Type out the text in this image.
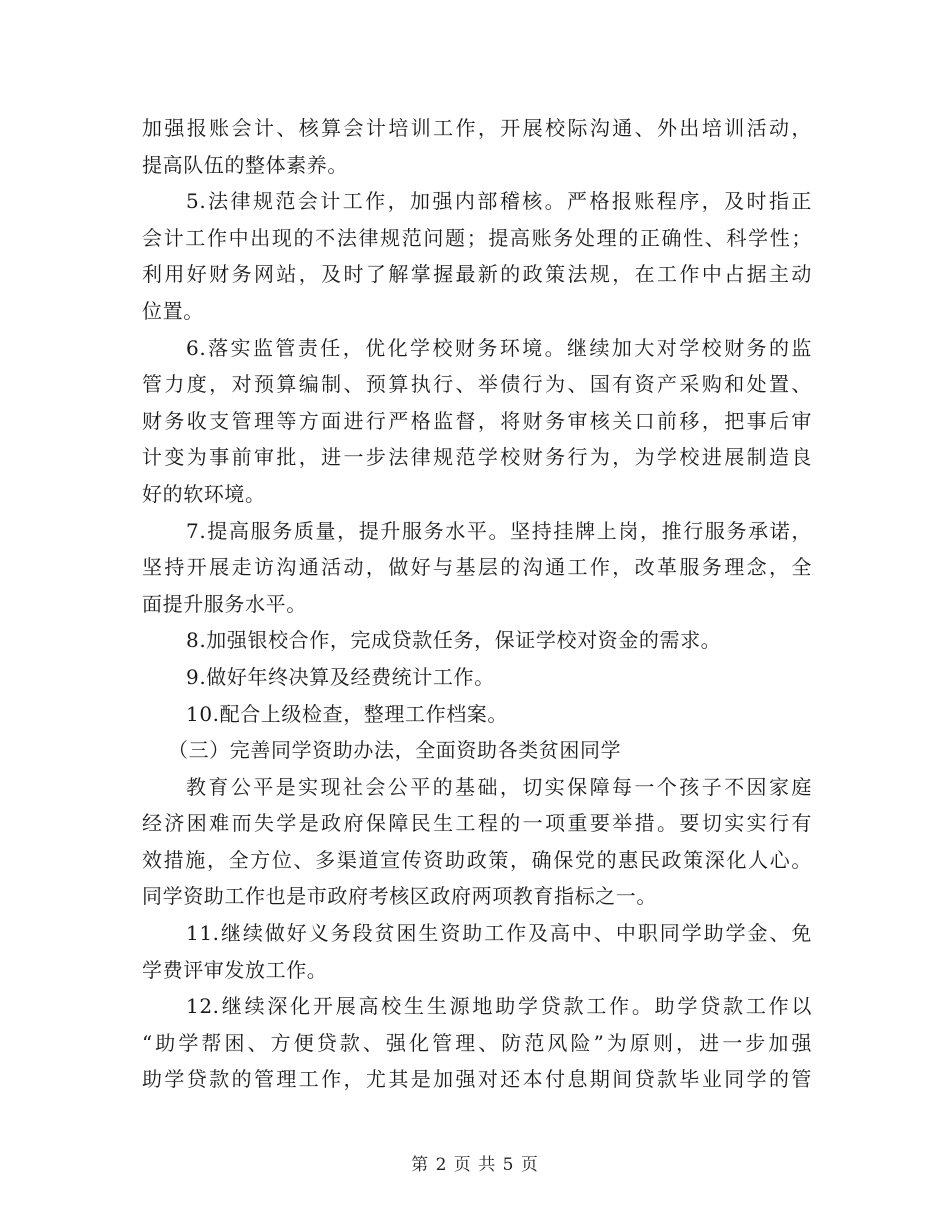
加强报账会计、核算会计培训工作，开展校际沟通、外出培训活动，
提高队伍的整体素养。
5.法律规范会计工作，加强内部稽核。严格报账程序，及时指正
会计工作中出现的不法律规范问题；提高账务处理的正确性、科学性；
利用好财务网站，及时了解掌握最新的政策法规，在工作中占据主动
位置。
6.落实监管责任，优化学校财务环境。继续加大对学校财务的监
管力度，对预算编制、预算执行、举债行为、国有资产采购和处置、
财务收支管理等方面进行严格监督，将财务审核关口前移，把事后审
计变为事前审批，进一步法律规范学校财务行为，为学校进展制造良
好的软环境。
7.提高服务质量，提升服务水平。坚持挂牌上岗，推行服务承诺，
坚持开展走访沟通活动，做好与基层的沟通工作，改革服务理念，全
面提升服务水平。
8.加强银校合作，完成贷款任务，保证学校对资金的需求。
9.做好年终决算及经费统计工作。
10.配合上级检查，整理工作档案。
（三）完善同学资助办法，全面资助各类贫困同学
教育公平是实现社会公平的基础，切实保障每一个孩子不因家庭
经济困难而失学是政府保障民生工程的一项重要举措。要切实实行有
效措施，全方位、多渠道宣传资助政策，确保党的惠民政策深化人心。
同学资助工作也是市政府考核区政府两项教育指标之一。
11.继续做好义务段贫困生资助工作及高中、中职同学助学金、免
学费评审发放工作。
12.继续深化开展高校生生源地助学贷款工作。助学贷款工作以
“助学帮困、方便贷款、强化管理、防范风险”为原则，进一步加强
助学贷款的管理工作，尤其是加强对还本付息期间贷款毕业同学的管
第 2 页 共 5 页
